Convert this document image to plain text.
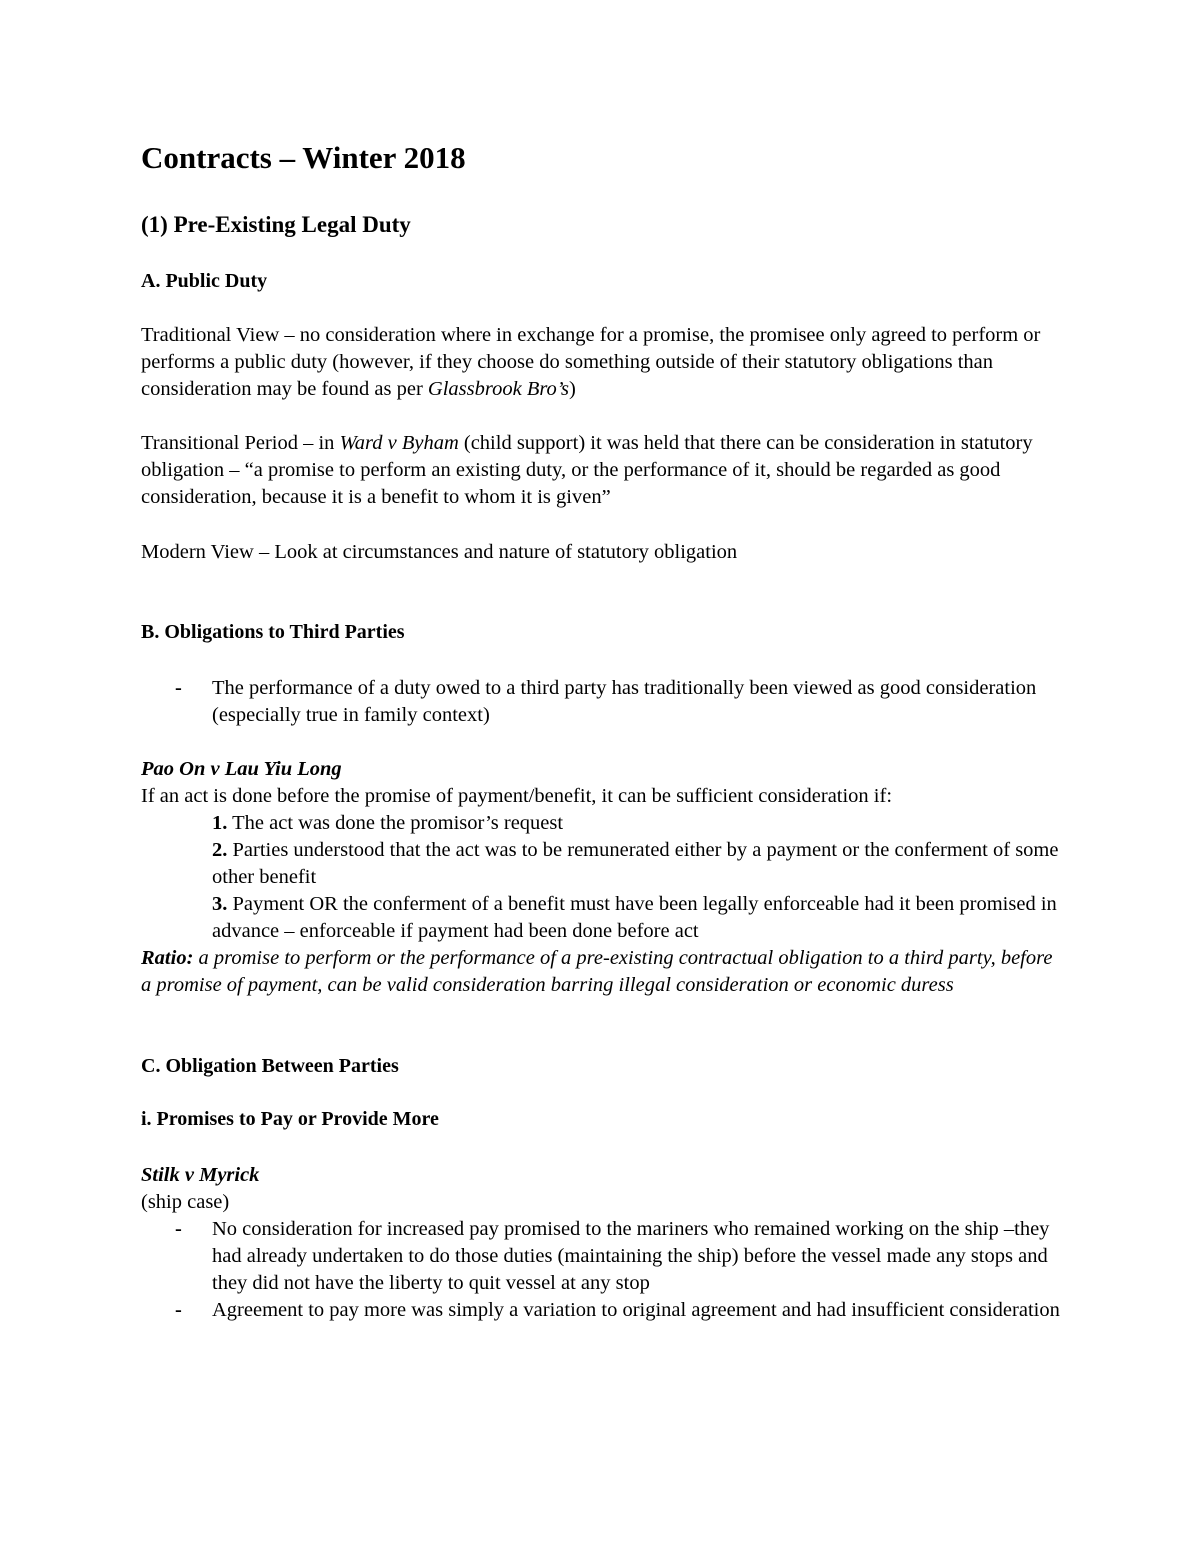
Contracts – Winter 2018
(1) Pre-Existing Legal Duty
A. Public Duty

Traditional View – no consideration where in exchange for a promise, the promisee only agreed to perform or performs a public duty (however, if they choose do something outside of their statutory obligations than consideration may be found as per Glassbrook Bro’s)

Transitional Period – in Ward v Byham (child support) it was held that there can be consideration in statutory obligation – “a promise to perform an existing duty, or the performance of it, should be regarded as good consideration, because it is a benefit to whom it is given”

Modern View – Look at circumstances and nature of statutory obligation

B. Obligations to Third Parties
- The performance of a duty owed to a third party has traditionally been viewed as good consideration (especially true in family context)
Pao On v Lau Yiu Long
If an act is done before the promise of payment/benefit, it can be sufficient consideration if:
1. The act was done the promisor’s request
2. Parties understood that the act was to be remunerated either by a payment or the conferment of some other benefit
3. Payment OR the conferment of a benefit must have been legally enforceable had it been promised in advance – enforceable if payment had been done before act
Ratio: a promise to perform or the performance of a pre-existing contractual obligation to a third party, before a promise of payment, can be valid consideration barring illegal consideration or economic duress
C. Obligation Between Parties
i. Promises to Pay or Provide More
Stilk v Myrick
(ship case)
- No consideration for increased pay promised to the mariners who remained working on the ship –they had already undertaken to do those duties (maintaining the ship) before the vessel made any stops and they did not have the liberty to quit vessel at any stop
- Agreement to pay more was simply a variation to original agreement and had insufficient consideration
